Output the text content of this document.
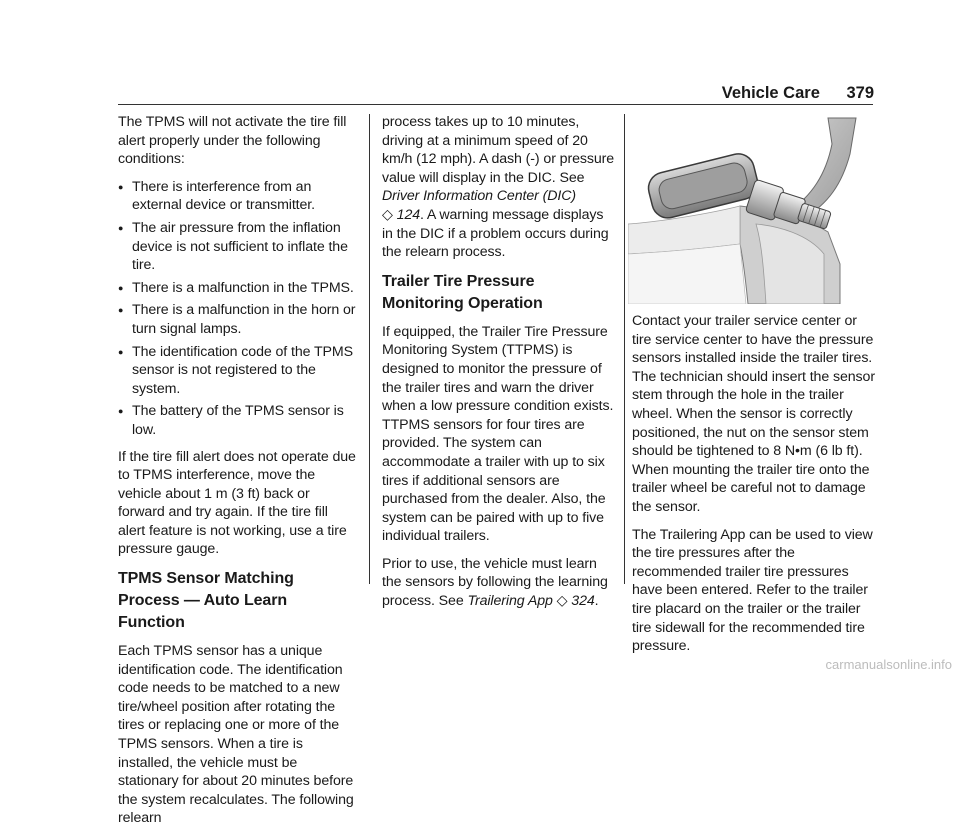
Vehicle Care 379

The TPMS will not activate the tire fill alert properly under the following conditions:

● There is interference from an external device or transmitter.
● The air pressure from the inflation device is not sufficient to inflate the tire.
● There is a malfunction in the TPMS.
● There is a malfunction in the horn or turn signal lamps.
● The identification code of the TPMS sensor is not registered to the system.
● The battery of the TPMS sensor is low.

If the tire fill alert does not operate due to TPMS interference, move the vehicle about 1 m (3 ft) back or forward and try again. If the tire fill alert feature is not working, use a tire pressure gauge.

TPMS Sensor Matching Process — Auto Learn Function

Each TPMS sensor has a unique identification code. The identification code needs to be matched to a new tire/wheel position after rotating the tires or replacing one or more of the TPMS sensors. When a tire is installed, the vehicle must be stationary for about 20 minutes before the system recalculates. The following relearn

process takes up to 10 minutes, driving at a minimum speed of 20 km/h (12 mph). A dash (-) or pressure value will display in the DIC. See Driver Information Center (DIC)
◇ 124. A warning message displays in the DIC if a problem occurs during the relearn process.

Trailer Tire Pressure Monitoring Operation

If equipped, the Trailer Tire Pressure Monitoring System (TTPMS) is designed to monitor the pressure of the trailer tires and warn the driver when a low pressure condition exists. TTPMS sensors for four tires are provided. The system can accommodate a trailer with up to six tires if additional sensors are purchased from the dealer. Also, the system can be paired with up to five individual trailers.

Prior to use, the vehicle must learn the sensors by following the learning process. See Trailering App ◇ 324.

Contact your trailer service center or tire service center to have the pressure sensors installed inside the trailer tires. The technician should insert the sensor stem through the hole in the trailer wheel. When the sensor is correctly positioned, the nut on the sensor stem should be tightened to 8 N•m (6 lb ft). When mounting the trailer tire onto the trailer wheel be careful not to damage the sensor.

The Trailering App can be used to view the tire pressures after the recommended trailer tire pressures have been entered. Refer to the trailer tire placard on the trailer or the trailer tire sidewall for the recommended tire pressure.

carmanualsonline.info
